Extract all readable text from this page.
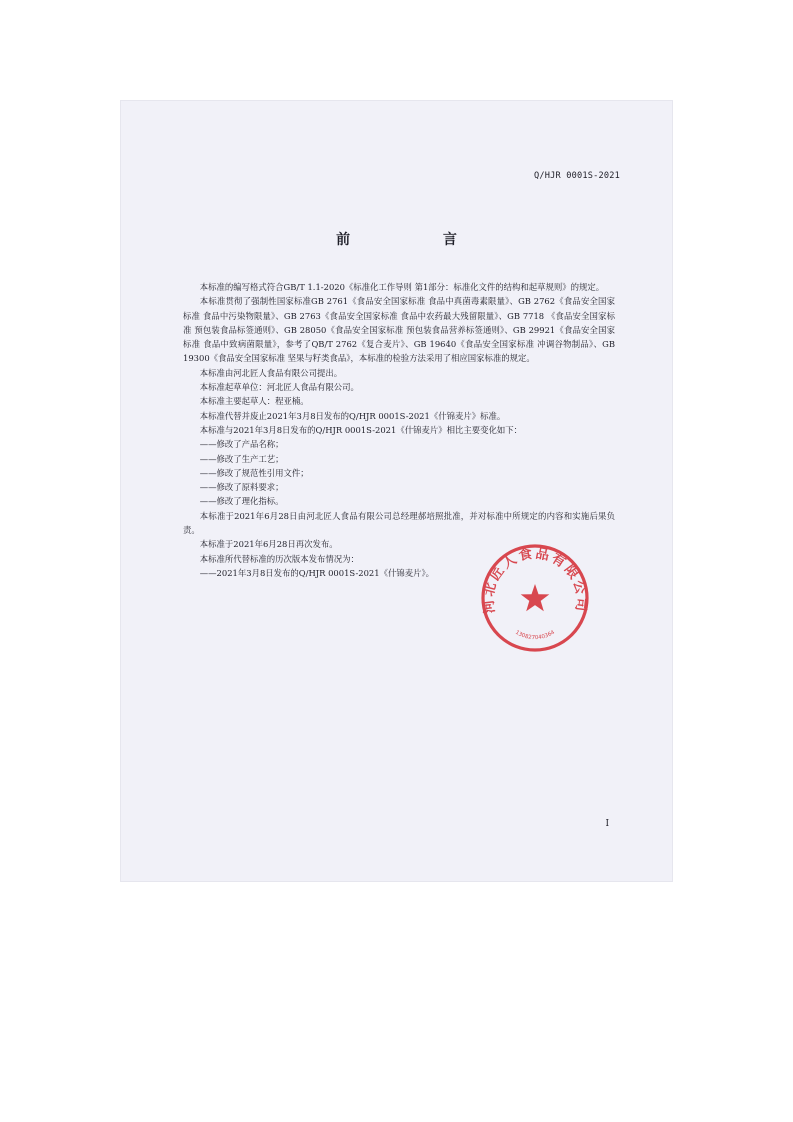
Q/HJR 0001S-2021
前 言

本标准的编写格式符合GB/T 1.1-2020《标准化工作导则 第1部分：标准化文件的结构和起草规则》的规定。

本标准贯彻了强制性国家标准GB 2761《食品安全国家标准 食品中真菌毒素限量》、GB 2762《食品安全国家标准 食品中污染物限量》、GB 2763《食品安全国家标准 食品中农药最大残留限量》、GB 7718 《食品安全国家标准 预包装食品标签通则》、GB 28050《食品安全国家标准 预包装食品营养标签通则》、GB 29921《食品安全国家标准 食品中致病菌限量》，参考了QB/T 2762《复合麦片》、GB 19640《食品安全国家标准 冲调谷物制品》、GB 19300《食品安全国家标准 坚果与籽类食品》，本标准的检验方法采用了相应国家标准的规定。

本标准由河北匠人食品有限公司提出。

本标准起草单位：河北匠人食品有限公司。

本标准主要起草人：程亚楠。

本标准代替并废止2021年3月8日发布的Q/HJR 0001S-2021《什锦麦片》标准。

本标准与2021年3月8日发布的Q/HJR 0001S-2021《什锦麦片》相比主要变化如下：

——修改了产品名称；

——修改了生产工艺；

——修改了规范性引用文件；

——修改了原料要求；

——修改了理化指标。

本标准于2021年6月28日由河北匠人食品有限公司总经理郝培照批准，并对标准中所规定的内容和实施后果负责。

本标准于2021年6月28日再次发布。

本标准所代替标准的历次版本发布情况为：

——2021年3月8日发布的Q/HJR 0001S-2021《什锦麦片》。

河北匠人食品有限公司
130827040364
I
